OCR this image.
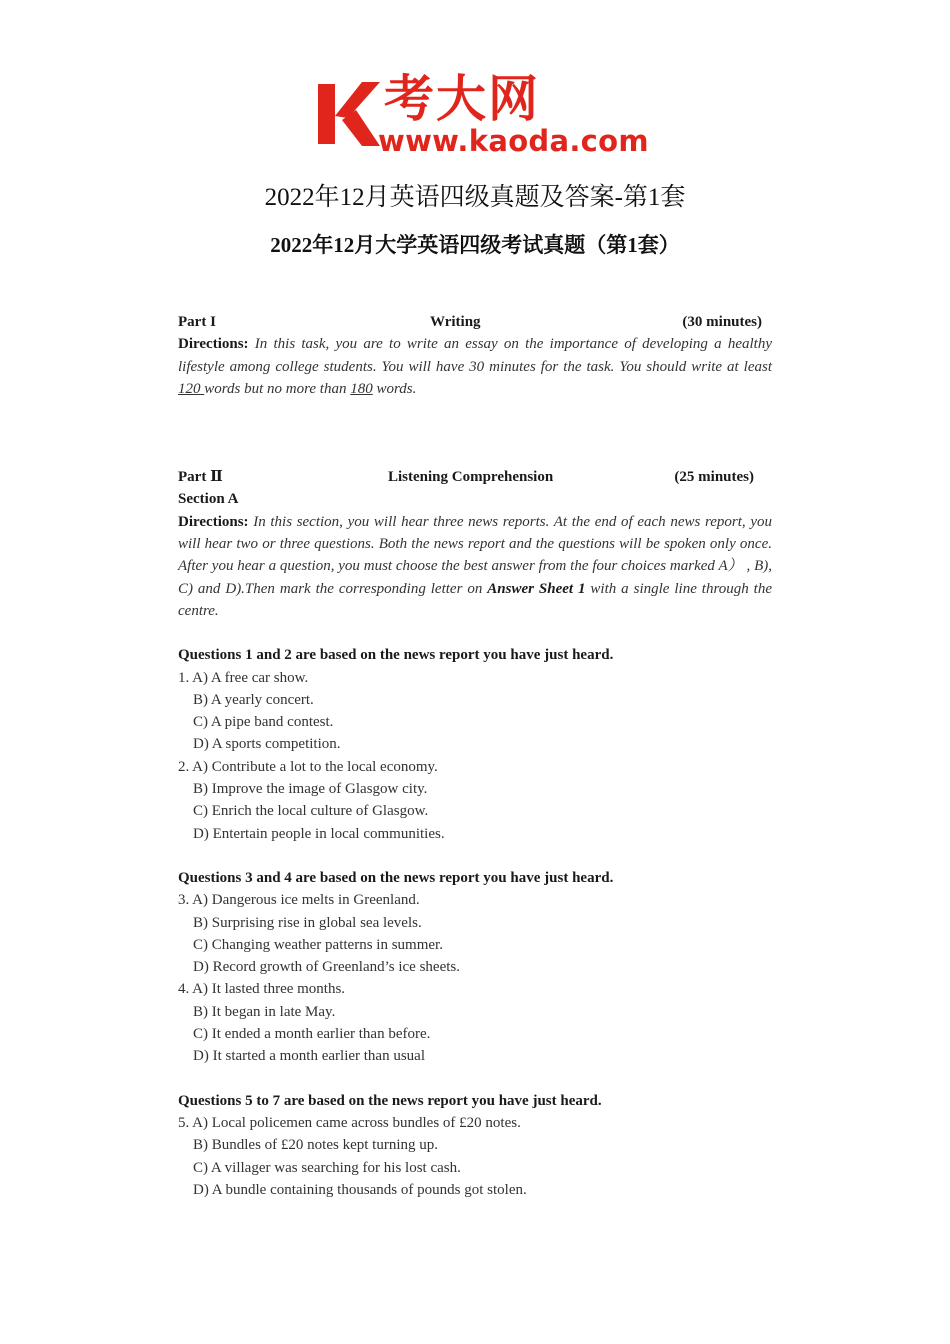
考大网
www.kaoda.com
2022年12月英语四级真题及答案-第1套
2022年12月大学英语四级考试真题（第1套）
Part I	Writing	(30 minutes)

Directions: In this task, you are to write an essay on the importance of developing a healthy lifestyle among college students. You will have 30 minutes for the task. You should write at least 120 words but no more than 180 words.

Part Ⅱ	Listening Comprehension	(25 minutes)

Section A

Directions: In this section, you will hear three news reports. At the end of each news report, you will hear two or three questions. Both the news report and the questions will be spoken only once. After you hear a question, you must choose the best answer from the four choices marked A） , B), C) and D).Then mark the corresponding letter on Answer Sheet 1 with a single line through the centre.

Questions 1 and 2 are based on the news report you have just heard.

1. A) A free car show.

B) A yearly concert.

C) A pipe band contest.

D) A sports competition.

2. A) Contribute a lot to the local economy.

B) Improve the image of Glasgow city.

C) Enrich the local culture of Glasgow.

D) Entertain people in local communities.

Questions 3 and 4 are based on the news report you have just heard.

3. A) Dangerous ice melts in Greenland.

B) Surprising rise in global sea levels.

C) Changing weather patterns in summer.

D) Record growth of Greenland’s ice sheets.

4. A) It lasted three months.

B) It began in late May.

C) It ended a month earlier than before.

D) It started a month earlier than usual

Questions 5 to 7 are based on the news report you have just heard.

5. A) Local policemen came across bundles of £20 notes.

B) Bundles of £20 notes kept turning up.

C) A villager was searching for his lost cash.

D) A bundle containing thousands of pounds got stolen.
